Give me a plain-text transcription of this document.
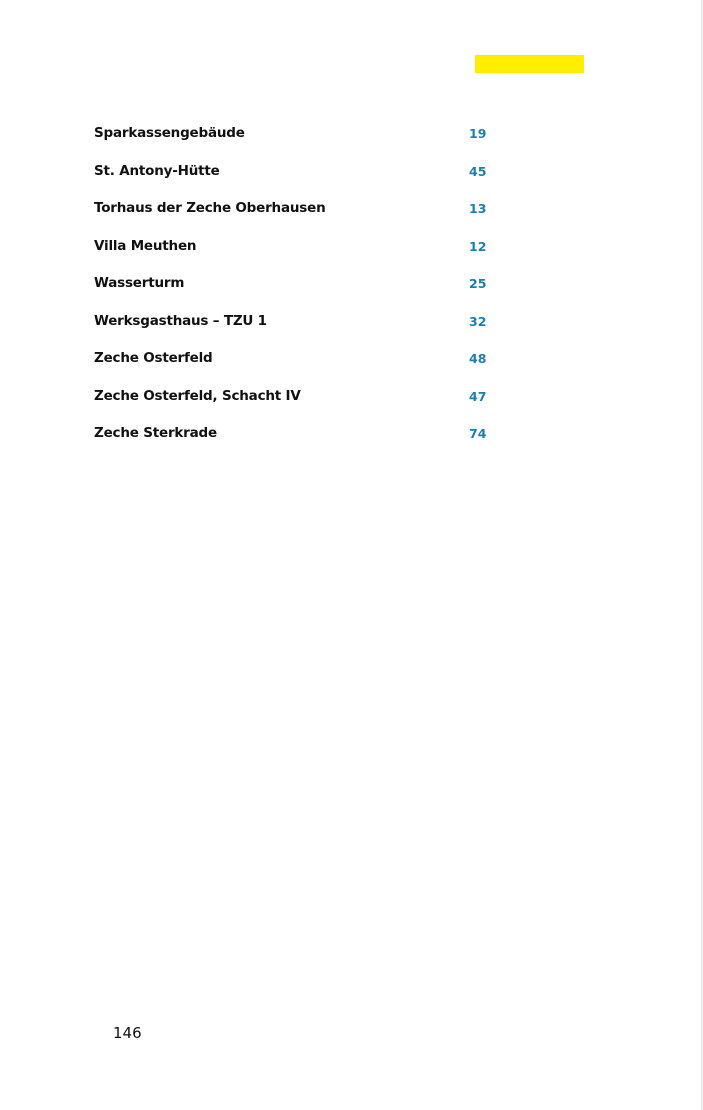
Sparkassengebäude	19
St. Antony-Hütte	45
Torhaus der Zeche Oberhausen	13
Villa Meuthen	12
Wasserturm	25
Werksgasthaus – TZU 1	32
Zeche Osterfeld	48
Zeche Osterfeld, Schacht IV	47
Zeche Sterkrade	74
146
